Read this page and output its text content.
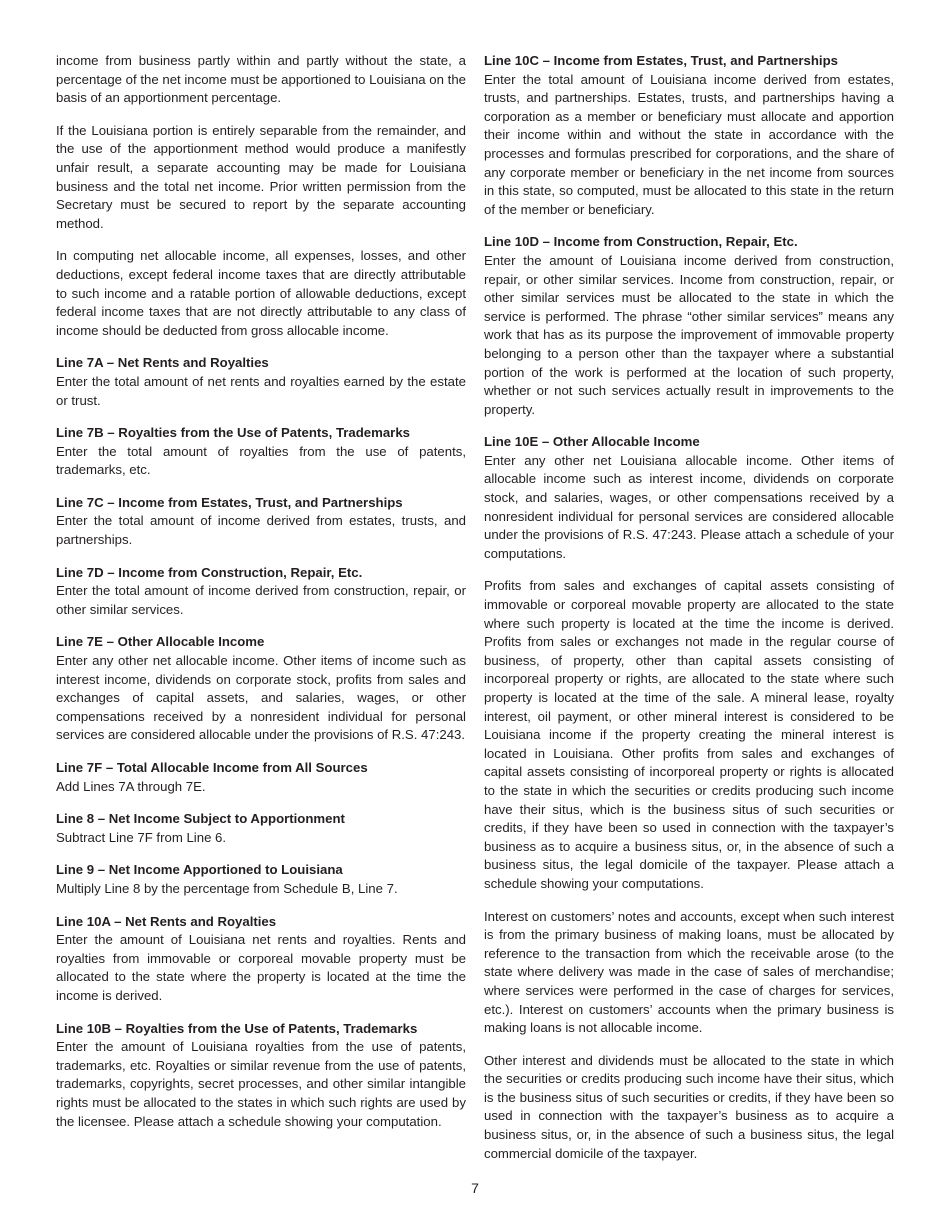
income from business partly within and partly without the state, a percentage of the net income must be apportioned to Louisiana on the basis of an apportionment percentage.

If the Louisiana portion is entirely separable from the remainder, and the use of the apportionment method would produce a manifestly unfair result, a separate accounting may be made for Louisiana business and the total net income. Prior written permission from the Secretary must be secured to report by the separate accounting method.

In computing net allocable income, all expenses, losses, and other deductions, except federal income taxes that are directly attributable to such income and a ratable portion of allowable deductions, except federal income taxes that are not directly attributable to any class of income should be deducted from gross allocable income.

Line 7A – Net Rents and Royalties

Enter the total amount of net rents and royalties earned by the estate or trust.

Line 7B – Royalties from the Use of Patents, Trademarks

Enter the total amount of royalties from the use of patents, trademarks, etc.

Line 7C – Income from Estates, Trust, and Partnerships

Enter the total amount of income derived from estates, trusts, and partnerships.

Line 7D – Income from Construction, Repair, Etc.

Enter the total amount of income derived from construction, repair, or other similar services.

Line 7E – Other Allocable Income

Enter any other net allocable income. Other items of income such as interest income, dividends on corporate stock, profits from sales and exchanges of capital assets, and salaries, wages, or other compensations received by a nonresident individual for personal services are considered allocable under the provisions of R.S. 47:243.

Line 7F – Total Allocable Income from All Sources

Add Lines 7A through 7E.

Line 8 – Net Income Subject to Apportionment

Subtract Line 7F from Line 6.

Line 9 – Net Income Apportioned to Louisiana

Multiply Line 8 by the percentage from Schedule B, Line 7.

Line 10A – Net Rents and Royalties

Enter the amount of Louisiana net rents and royalties. Rents and royalties from immovable or corporeal movable property must be allocated to the state where the property is located at the time the income is derived.

Line 10B – Royalties from the Use of Patents, Trademarks

Enter the amount of Louisiana royalties from the use of patents, trademarks, etc. Royalties or similar revenue from the use of patents, trademarks, copyrights, secret processes, and other similar intangible rights must be allocated to the states in which such rights are used by the licensee. Please attach a schedule showing your computation.

Line 10C – Income from Estates, Trust, and Partnerships

Enter the total amount of Louisiana income derived from estates, trusts, and partnerships. Estates, trusts, and partnerships having a corporation as a member or beneficiary must allocate and apportion their income within and without the state in accordance with the processes and formulas prescribed for corporations, and the share of any corporate member or beneficiary in the net income from sources in this state, so computed, must be allocated to this state in the return of the member or beneficiary.

Line 10D – Income from Construction, Repair, Etc.

Enter the amount of Louisiana income derived from construction, repair, or other similar services. Income from construction, repair, or other similar services must be allocated to the state in which the service is performed. The phrase “other similar services” means any work that has as its purpose the improvement of immovable property belonging to a person other than the taxpayer where a substantial portion of the work is performed at the location of such property, whether or not such services actually result in improvements to the property.

Line 10E – Other Allocable Income

Enter any other net Louisiana allocable income. Other items of allocable income such as interest income, dividends on corporate stock, and salaries, wages, or other compensations received by a nonresident individual for personal services are considered allocable under the provisions of R.S. 47:243. Please attach a schedule of your computations.

Profits from sales and exchanges of capital assets consisting of immovable or corporeal movable property are allocated to the state where such property is located at the time the income is derived. Profits from sales or exchanges not made in the regular course of business, of property, other than capital assets consisting of incorporeal property or rights, are allocated to the state where such property is located at the time of the sale. A mineral lease, royalty interest, oil payment, or other mineral interest is considered to be Louisiana income if the property creating the mineral interest is located in Louisiana. Other profits from sales and exchanges of capital assets consisting of incorporeal property or rights is allocated to the state in which the securities or credits producing such income have their situs, which is the business situs of such securities or credits, if they have been so used in connection with the taxpayer’s business as to acquire a business situs, or, in the absence of such a business situs, the legal domicile of the taxpayer. Please attach a schedule showing your computations.

Interest on customers’ notes and accounts, except when such interest is from the primary business of making loans, must be allocated by reference to the transaction from which the receivable arose (to the state where delivery was made in the case of sales of merchandise; where services were performed in the case of charges for services, etc.). Interest on customers’ accounts when the primary business is making loans is not allocable income.

Other interest and dividends must be allocated to the state in which the securities or credits producing such income have their situs, which is the business situs of such securities or credits, if they have been so used in connection with the taxpayer’s business as to acquire a business situs, or, in the absence of such a business situs, the legal commercial domicile of the taxpayer.

7
